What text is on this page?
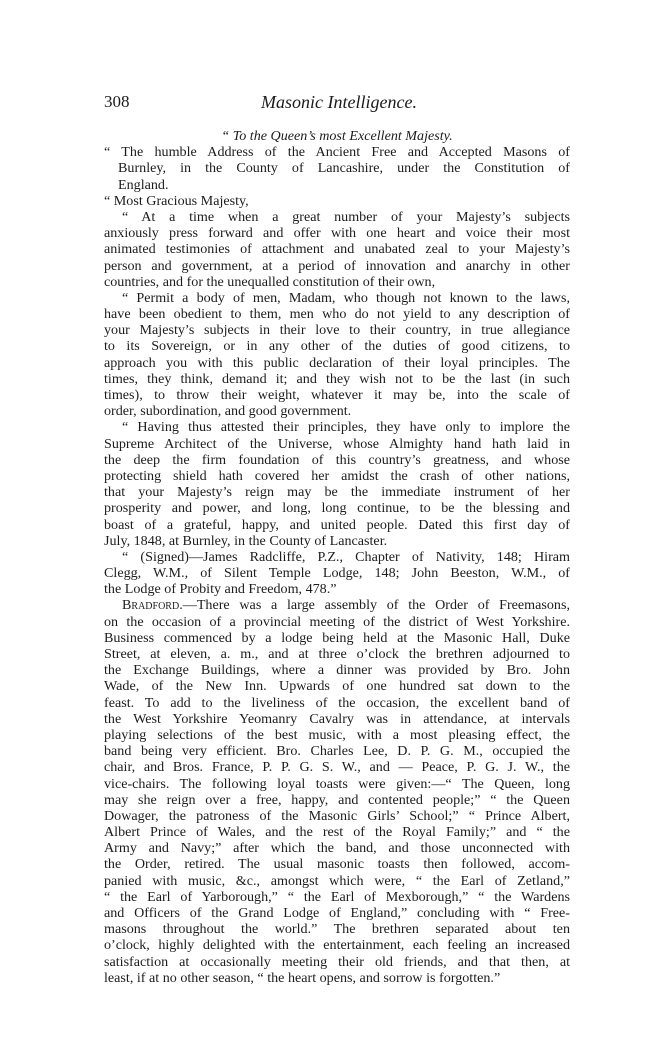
308	Masonic Intelligence.
“ To the Queen’s most Excellent Majesty.
“ The humble Address of the Ancient Free and Accepted Masons of
Burnley, in the County of Lancashire, under the Constitution of
England.
“ Most Gracious Majesty,
“ At a time when a great number of your Majesty’s subjects
anxiously press forward and offer with one heart and voice their most
animated testimonies of attachment and unabated zeal to your Majesty’s
person and government, at a period of innovation and anarchy in other
countries, and for the unequalled constitution of their own,
“ Permit a body of men, Madam, who though not known to the laws,
have been obedient to them, men who do not yield to any description of
your Majesty’s subjects in their love to their country, in true allegiance
to its Sovereign, or in any other of the duties of good citizens, to
approach you with this public declaration of their loyal principles. The
times, they think, demand it; and they wish not to be the last (in such
times), to throw their weight, whatever it may be, into the scale of
order, subordination, and good government.
“ Having thus attested their principles, they have only to implore the
Supreme Architect of the Universe, whose Almighty hand hath laid in
the deep the firm foundation of this country’s greatness, and whose
protecting shield hath covered her amidst the crash of other nations,
that your Majesty’s reign may be the immediate instrument of her
prosperity and power, and long, long continue, to be the blessing and
boast of a grateful, happy, and united people. Dated this first day of
July, 1848, at Burnley, in the County of Lancaster.
“ (Signed)—James Radcliffe, P.Z., Chapter of Nativity, 148; Hiram
Clegg, W.M., of Silent Temple Lodge, 148; John Beeston, W.M., of
the Lodge of Probity and Freedom, 478.”
Bradford.—There was a large assembly of the Order of Freemasons,
on the occasion of a provincial meeting of the district of West Yorkshire.
Business commenced by a lodge being held at the Masonic Hall, Duke
Street, at eleven, a. m., and at three o’clock the brethren adjourned to
the Exchange Buildings, where a dinner was provided by Bro. John
Wade, of the New Inn. Upwards of one hundred sat down to the
feast. To add to the liveliness of the occasion, the excellent band of
the West Yorkshire Yeomanry Cavalry was in attendance, at intervals
playing selections of the best music, with a most pleasing effect, the
band being very efficient. Bro. Charles Lee, D. P. G. M., occupied the
chair, and Bros. France, P. P. G. S. W., and — Peace, P. G. J. W., the
vice-chairs. The following loyal toasts were given:—“ The Queen, long
may she reign over a free, happy, and contented people;” “ the Queen
Dowager, the patroness of the Masonic Girls’ School;” “ Prince Albert,
Albert Prince of Wales, and the rest of the Royal Family;” and “ the
Army and Navy;” after which the band, and those unconnected with
the Order, retired. The usual masonic toasts then followed, accom-
panied with music, &c., amongst which were, “ the Earl of Zetland,”
“ the Earl of Yarborough,” “ the Earl of Mexborough,” “ the Wardens
and Officers of the Grand Lodge of England,” concluding with “ Free-
masons throughout the world.” The brethren separated about ten
o’clock, highly delighted with the entertainment, each feeling an increased
satisfaction at occasionally meeting their old friends, and that then, at
least, if at no other season, “ the heart opens, and sorrow is forgotten.”
